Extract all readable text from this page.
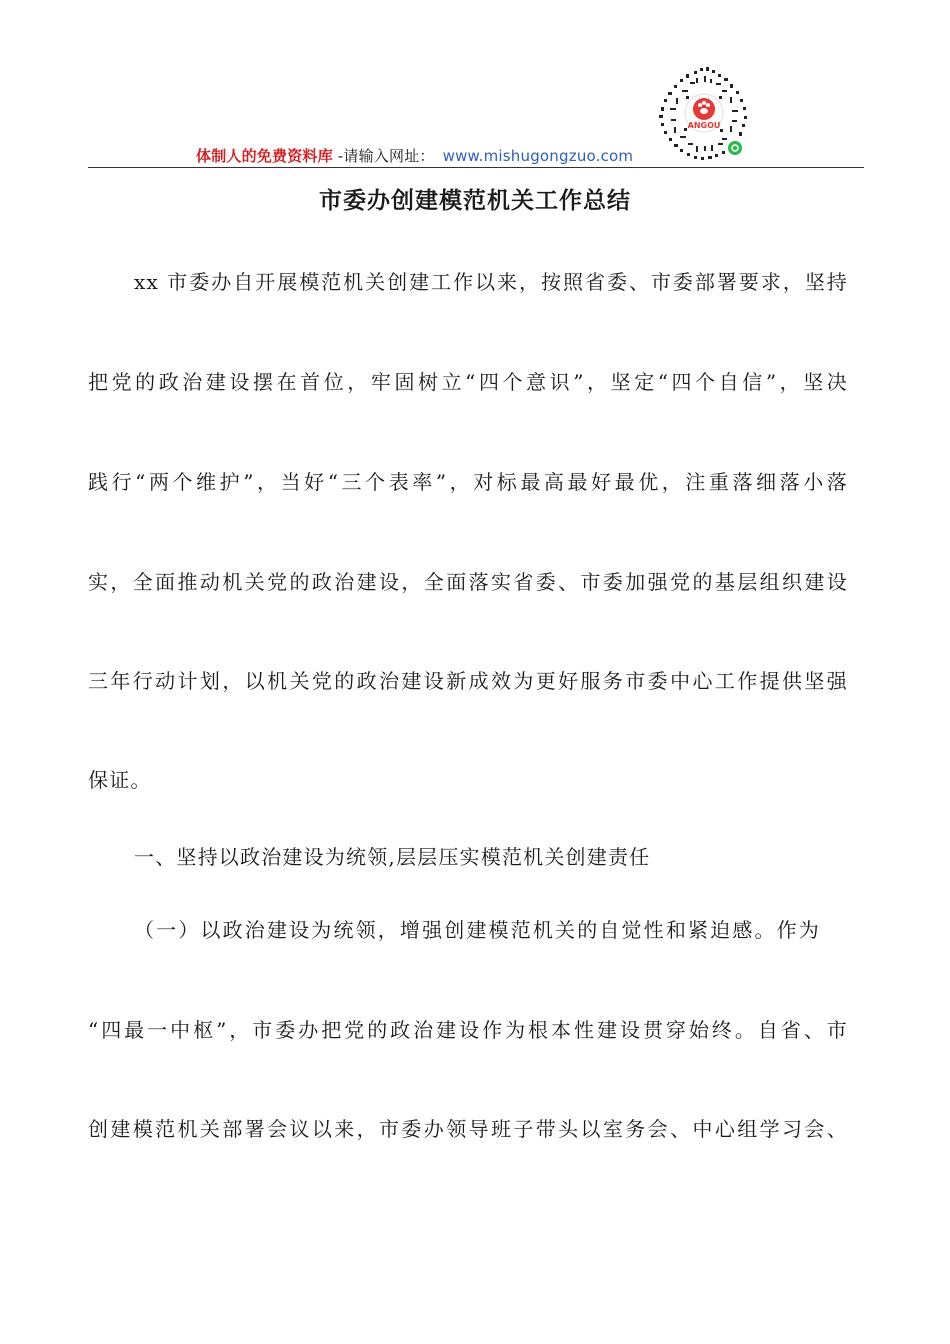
体制人的免费资料库 -请输入网址： www.mishugongzuo.com
ANGOU
市委办创建模范机关工作总结
xx 市委办自开展模范机关创建工作以来，按照省委、市委部署要求，坚持
把党的政治建设摆在首位，牢固树立“四个意识”，坚定“四个自信”，坚决
践行“两个维护”，当好“三个表率”，对标最高最好最优，注重落细落小落
实，全面推动机关党的政治建设，全面落实省委、市委加强党的基层组织建设
三年行动计划，以机关党的政治建设新成效为更好服务市委中心工作提供坚强
保证。
一、坚持以政治建设为统领,层层压实模范机关创建责任
（一）以政治建设为统领，增强创建模范机关的自觉性和紧迫感。作为
“四最一中枢”，市委办把党的政治建设作为根本性建设贯穿始终。自省、市
创建模范机关部署会议以来，市委办领导班子带头以室务会、中心组学习会、
